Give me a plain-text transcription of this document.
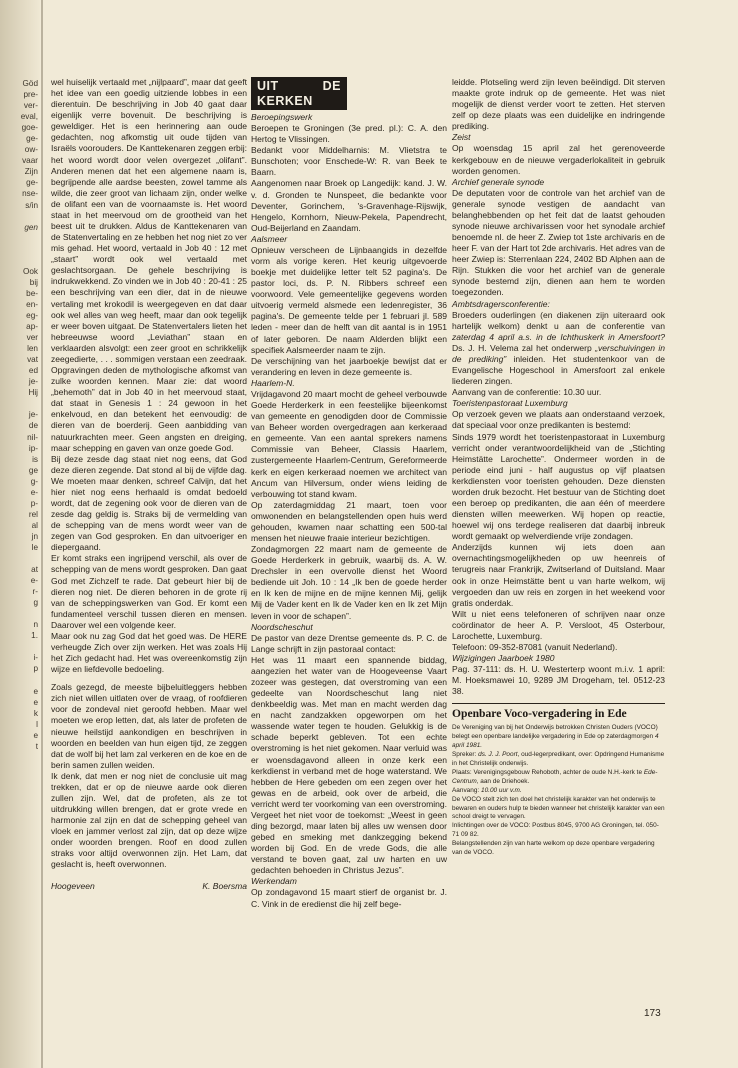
Göd
pre-
ver-
eval,
goe-
ge-
ow-
vaar
Zijn
ge-
nse-
s/in

gen

Ook
bij
be-
en-
eg-
ap-
ver
len
vat
ed
je-
Hij

je-
de
nil-
ip-
is
ge
g-
e-
p-
rel
al
jn
le

at
e-
r-
g

n
1.

i-
p

e
e
k
l
e
t

wel huiselijk vertaald met „nijlpaard”, maar dat geeft het idee van een goedig uitziende lobbes in een dierentuin. De beschrijving in Job 40 gaat daar eigenlijk verre bovenuit. De beschrijving is geweldiger. Het is een herinnering aan oude gedachten, nog afkomstig uit oude tijden van Israëls voorouders. De Kanttekenaren zeggen erbij: het woord wordt door velen overgezet „olifant”. Anderen menen dat het een algemene naam is, begrijpende alle aardse beesten, zowel tamme als wilde, die zeer groot van lichaam zijn, onder welke de olifant een van de voornaamste is. Het woord staat in het meervoud om de grootheid van het beest uit te drukken. Aldus de Kanttekenaren van de Statenvertaling en ze hebben het nog niet zo ver mis gehad. Het woord, vertaald in Job 40 : 12 met „staart” wordt ook wel vertaald met geslachtsorgaan. De gehele beschrijving is indrukwekkend. Zo vinden we in Job 40 : 20-41 : 25 een beschrijving van een dier, dat in de nieuwe vertaling met krokodil is weergegeven en dat daar ook wel alles van weg heeft, maar dan ook tegelijk er weer boven uitgaat. De Statenvertalers lieten het hebreeuwse woord „Leviathan” staan en verklaarden alsvolgt: een zeer groot en schrikkelijk zeegedierte, . . . sommigen verstaan een zeedraak. Opgravingen deden de mythologische afkomst van zulke woorden kennen. Maar zie: dat woord „behemoth” dat in Job 40 in het meervoud staat, dat staat in Genesis 1 : 24 gewoon in het enkelvoud, en dan betekent het eenvoudig: de dieren van de boerderij. Geen aanbidding van natuurkrachten meer. Geen angsten en dreiging, maar schepping en gaven van onze goede God.

Bij deze zesde dag staat niet nog eens, dat God deze dieren zegende. Dat stond al bij de vijfde dag. We moeten maar denken, schreef Calvijn, dat het hier niet nog eens herhaald is omdat bedoeld wordt, dat de zegening ook voor de dieren van de zesde dag geldig is. Straks bij de vermelding van de schepping van de mens wordt weer van de zegen van God gesproken. En dan uitvoeriger en diepergaand.

Er komt straks een ingrijpend verschil, als over de schepping van de mens wordt gesproken. Dan gaat God met Zichzelf te rade. Dat gebeurt hier bij de dieren nog niet. De dieren behoren in de grote rij van de scheppingswerken van God. Er komt een fundamenteel verschil tussen dieren en mensen. Daarover wel een volgende keer.

Maar ook nu zag God dat het goed was. De HERE verheugde Zich over zijn werken. Het was zoals Hij het Zich gedacht had. Het was overeenkomstig zijn wijze en liefdevolle bedoeling.

Zoals gezegd, de meeste bijbeluitleggers hebben zich niet willen uitlaten over de vraag, of roofdieren voor de zondeval niet geroofd hebben. Maar wel moeten we erop letten, dat, als later de profeten de nieuwe heilstijd aankondigen en beschrijven in woorden en beelden van hun eigen tijd, ze zeggen dat de wolf bij het lam zal verkeren en de koe en de berin samen zullen weiden.

Ik denk, dat men er nog niet de conclusie uit mag trekken, dat er op de nieuwe aarde ook dieren zullen zijn. Wel, dat de profeten, als ze tot uitdrukking willen brengen, dat er grote vrede en harmonie zal zijn en dat de schepping geheel van vloek en jammer verlost zal zijn, dat op deze wijze onder woorden brengen. Roof en dood zullen straks voor altijd overwonnen zijn. Het Lam, dat geslacht is, heeft overwonnen.

Hoogeveen	K. Boersma
UIT DE KERKEN

Beroepingswerk

Beroepen te Groningen (3e pred. pl.): C. A. den Hertog te Vlissingen.

Bedankt voor Middelharnis: M. Vlietstra te Bunschoten; voor Enschede-W: R. van Beek te Baarn.

Aangenomen naar Broek op Langedijk: kand. J. W. v. d. Gronden te Nunspeet, die bedankte voor Deventer, Gorinchem, 's-Gravenhage-Rijswijk, Hengelo, Kornhorn, Nieuw-Pekela, Papendrecht, Oud-Beijerland en Zaandam.

Aalsmeer

Opnieuw verscheen de Lijnbaangids in dezelfde vorm als vorige keren. Het keurig uitgevoerde boekje met duidelijke letter telt 52 pagina's. De pastor loci, ds. P. N. Ribbers schreef een voorwoord. Vele gemeentelijke gegevens worden uitvoerig vermeld alsmede een ledenregister, 36 pagina's. De gemeente telde per 1 februari jl. 589 leden - meer dan de helft van dit aantal is in 1951 of later geboren. De naam Alderden blijkt een specifiek Aalsmeerder naam te zijn.

De verschijning van het jaarboekje bewijst dat er verandering en leven in deze gemeente is.

Haarlem-N.

Vrijdagavond 20 maart mocht de geheel verbouwde Goede Herderkerk in een feestelijke bijeenkomst van gemeente en genodigden door de Commissie van Beheer worden overgedragen aan kerkeraad en gemeente. Van een aantal sprekers namens Commissie van Beheer, Classis Haarlem, zustergemeente Haarlem-Centrum, Gereformeerde kerk en eigen kerkeraad noemen we architect van Ancum van Hilversum, onder wiens leiding de verbouwing tot stand kwam.

Op zaterdagmiddag 21 maart, toen voor omwonenden en belangstellenden open huis werd gehouden, kwamen naar schatting een 500-tal mensen het nieuwe fraaie interieur bezichtigen.

Zondagmorgen 22 maart nam de gemeente de Goede Herderkerk in gebruik, waarbij ds. A. W. Drechsler in een overvolle dienst het Woord bediende uit Joh. 10 : 14 „Ik ben de goede herder en Ik ken de mijne en de mijne kennen Mij, gelijk Mij de Vader kent en Ik de Vader ken en Ik zet Mijn leven in voor de schapen”.

Noordscheschut

De pastor van deze Drentse gemeente ds. P. C. de Lange schrijft in zijn pastoraal contact:

Het was 11 maart een spannende biddag, aangezien het water van de Hoogeveense Vaart zozeer was gestegen, dat overstroming van een gedeelte van Noordscheschut lang niet denkbeeldig was. Met man en macht werden dag en nacht zandzakken opgeworpen om het wassende water tegen te houden. Gelukkig is de schade beperkt gebleven. Tot een echte overstroming is het niet gekomen. Naar verluid was er woensdagavond alleen in onze kerk een kerkdienst in verband met de hoge waterstand. We hebben de Here gebeden om een zegen over het gewas en de arbeid, ook over de arbeid, die verricht werd ter voorkoming van een overstroming. Vergeet het niet voor de toekomst: „Weest in geen ding bezorgd, maar laten bij alles uw wensen door gebed en smeking met dankzegging bekend worden bij God. En de vrede Gods, die alle verstand te boven gaat, zal uw harten en uw gedachten behoeden in Christus Jezus”.

Werkendam

Op zondagavond 15 maart stierf de organist br. J. C. Vink in de eredienst die hij zelf bege-

leidde. Plotseling werd zijn leven beëindigd. Dit sterven maakte grote indruk op de gemeente. Het was niet mogelijk de dienst verder voort te zetten. Het sterven zelf op deze plaats was een duidelijke en indringende prediking.

Zeist

Op woensdag 15 april zal het gerenoveerde kerkgebouw en de nieuwe vergaderlokaliteit in gebruik worden genomen.

Archief generale synode

De deputaten voor de controle van het archief van de generale synode vestigen de aandacht van belanghebbenden op het feit dat de laatst gehouden synode nieuwe archivarissen voor het synodale archief benoemde nl. de heer Z. Zwiep tot 1ste archivaris en de heer F. van der Hart tot 2de archivaris. Het adres van de heer Zwiep is: Sterrenlaan 224, 2402 BD Alphen aan de Rijn. Stukken die voor het archief van de generale synode bestemd zijn, dienen aan hem te worden toegezonden.

Ambtsdragersconferentie:

Broeders ouderlingen (en diakenen zijn uiteraard ook hartelijk welkom) denkt u aan de conferentie van zaterdag 4 april a.s. in de Ichthuskerk in Amersfoort? Ds. J. H. Velema zal het onderwerp „verschuivingen in de prediking” inleiden. Het studentenkoor van de Evangelische Hogeschool in Amersfoort zal enkele liederen zingen.

Aanvang van de conferentie: 10.30 uur.

Toeristenpastoraat Luxemburg

Op verzoek geven we plaats aan onderstaand verzoek, dat speciaal voor onze predikanten is bestemd:

Sinds 1979 wordt het toeristenpastoraat in Luxemburg verricht onder verantwoordelijkheid van de „Stichting Heimstätte Larochette”. Ondermeer worden in de periode eind juni - half augustus op vijf plaatsen kerkdiensten voor toeristen gehouden. Deze diensten worden druk bezocht. Het bestuur van de Stichting doet een beroep op predikanten, die aan één of meerdere diensten willen meewerken. Wij hopen op reactie, hoewel wij ons terdege realiseren dat daarbij inbreuk wordt gemaakt op welverdiende vrije zondagen.

Anderzijds kunnen wij iets doen aan overnachtingsmogelijkheden op uw heenreis of terugreis naar Frankrijk, Zwitserland of Duitsland. Maar ook in onze Heimstätte bent u van harte welkom, wij vergoeden dan uw reis en zorgen in het weekend voor gratis onderdak.

Wilt u niet eens telefoneren of schrijven naar onze coördinator de heer A. P. Versloot, 45 Osterbour, Larochette, Luxemburg.

Telefoon: 09-352-87081 (vanuit Nederland).

Wijzigingen Jaarboek 1980

Pag. 37-111: ds. H. U. Westerterp woont m.i.v. 1 april: M. Hoeksmawei 10, 9289 JM Drogeham, tel. 0512-23 38.

Openbare Voco-vergadering in Ede

De Vereniging van bij het Onderwijs betrokken Christen Ouders (VOCO) belegt een openbare landelijke vergadering in Ede op zaterdagmorgen 4 april 1981.

Spreker: ds. J. J. Poort, oud-legerpredikant, over: Opdringend Humanisme in het Christelijk onderwijs.

Plaats: Verenigingsgebouw Rehoboth, achter de oude N.H.-kerk te Ede-Centrum, aan de Driehoek.

Aanvang: 10.00 uur v.m.

De VOCO stelt zich ten doel het christelijk karakter van het onderwijs te bewaren en ouders hulp te bieden wanneer het christelijk karakter van een school dreigt te vervagen.

Inlichtingen over de VOCO: Postbus 8045, 9700 AG Groningen, tel. 050-71 09 82.

Belangstellenden zijn van harte welkom op deze openbare vergadering van de VOCO.

173
